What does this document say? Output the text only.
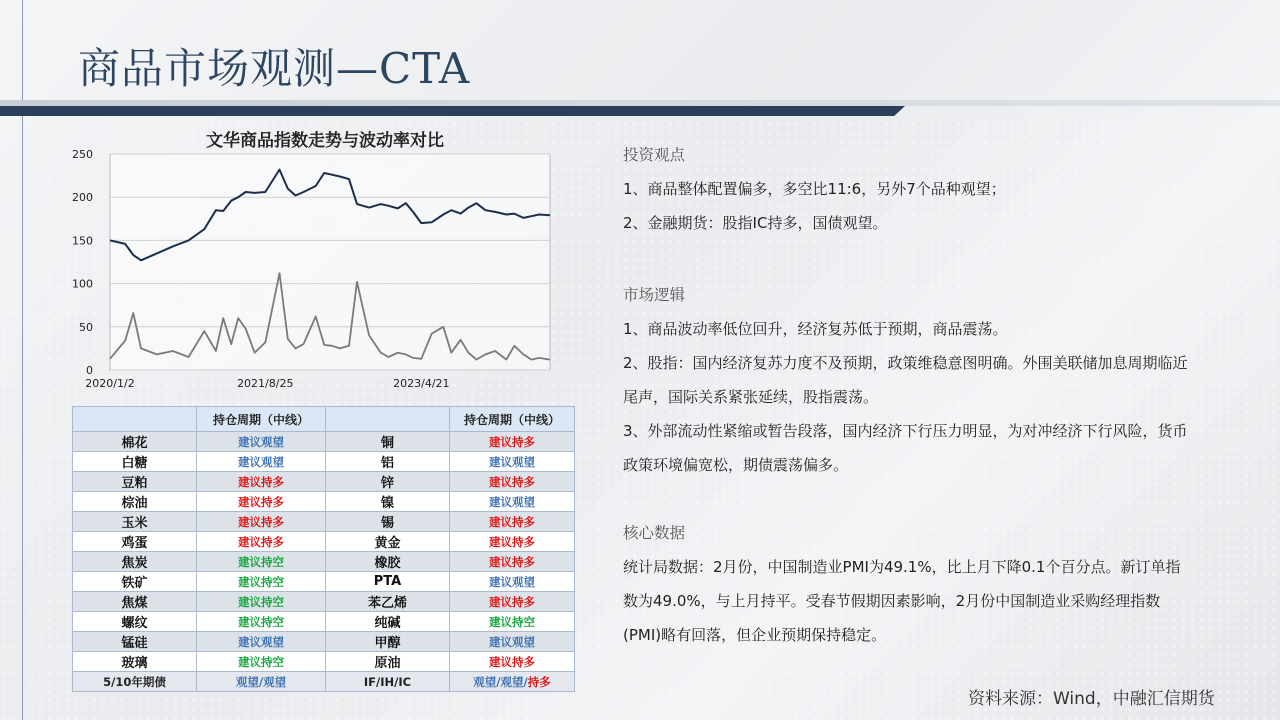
商品市场观测—CTA
文华商品指数走势与波动率对比
0
50
100
150
200
250
2020/1/2	2021/8/25	2023/4/21
	持仓周期（中线）		持仓周期（中线）
棉花	建议观望	铜	建议持多
白糖	建议观望	铝	建议观望
豆粕	建议持多	锌	建议持多
棕油	建议持多	镍	建议观望
玉米	建议持多	锡	建议持多
鸡蛋	建议持多	黄金	建议持多
焦炭	建议持空	橡胶	建议持多
铁矿	建议持空	PTA	建议观望
焦煤	建议持空	苯乙烯	建议持多
螺纹	建议持空	纯碱	建议持空
锰硅	建议观望	甲醇	建议观望
玻璃	建议持空	原油	建议持多
5/10年期债	观望/观望	IF/IH/IC	观望/观望/持多
投资观点
1、商品整体配置偏多，多空比11:6，另外7个品种观望；
2、金融期货：股指IC持多，国债观望。
市场逻辑
1、商品波动率低位回升，经济复苏低于预期，商品震荡。
2、股指：国内经济复苏力度不及预期，政策维稳意图明确。外围美联储加息周期临近尾声，国际关系紧张延续，股指震荡。
3、外部流动性紧缩或暂告段落，国内经济下行压力明显，为对冲经济下行风险，货币政策环境偏宽松，期债震荡偏多。
核心数据
统计局数据：2月份，中国制造业PMI为49.1%，比上月下降0.1个百分点。新订单指数为49.0%，与上月持平。受春节假期因素影响，2月份中国制造业采购经理指数(PMI)略有回落，但企业预期保持稳定。
资料来源：Wind，中融汇信期货
